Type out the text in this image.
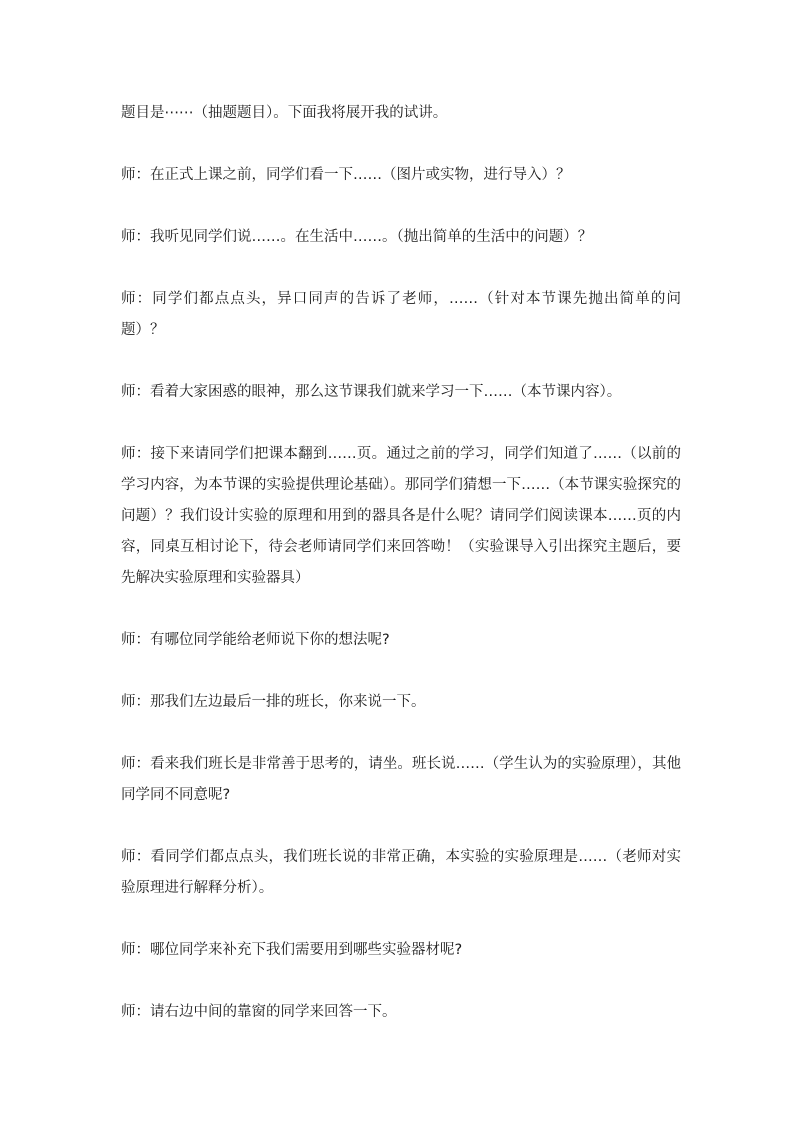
题目是⋯⋯（抽题题目）。下面我将展开我的试讲。

师：在正式上课之前，同学们看一下……（图片或实物，进行导入）？

师：我听见同学们说……。在生活中……。（抛出简单的生活中的问题）？

师：同学们都点点头，异口同声的告诉了老师，……（针对本节课先抛出简单的问题）？

师：看着大家困惑的眼神，那么这节课我们就来学习一下……（本节课内容）。

师：接下来请同学们把课本翻到……页。通过之前的学习，同学们知道了……（以前的学习内容，为本节课的实验提供理论基础）。那同学们猜想一下……（本节课实验探究的问题）？我们设计实验的原理和用到的器具各是什么呢？请同学们阅读课本……页的内容，同桌互相讨论下，待会老师请同学们来回答呦！（实验课导入引出探究主题后，要先解决实验原理和实验器具）

师：有哪位同学能给老师说下你的想法呢?

师：那我们左边最后一排的班长，你来说一下。

师：看来我们班长是非常善于思考的，请坐。班长说……（学生认为的实验原理），其他同学同不同意呢?

师：看同学们都点点头，我们班长说的非常正确，本实验的实验原理是……（老师对实验原理进行解释分析）。

师：哪位同学来补充下我们需要用到哪些实验器材呢?

师：请右边中间的靠窗的同学来回答一下。
